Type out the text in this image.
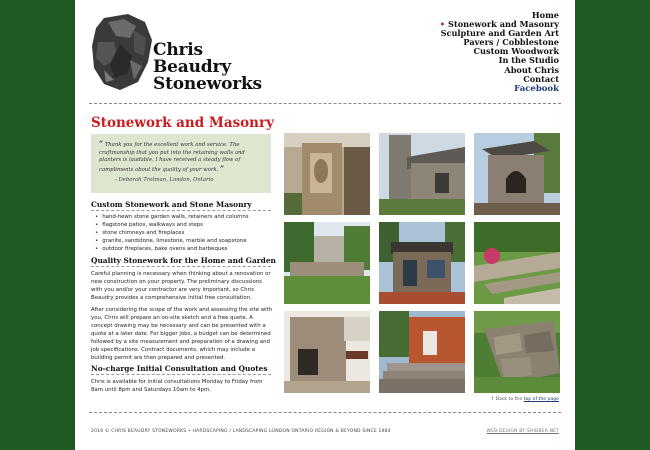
Chris
Beaudry
Stoneworks
Home
• Stonework and Masonry
Sculpture and Garden Art
Pavers / Cobblestone
Custom Woodwork
In the Studio
About Chris
Contact
Facebook
Stonework and Masonry

“ Thank you for the excellent work and service. The craftmanship that you put into the retaining walls and planters is laudable. I have received a steady flow of compliments about the quality of your work. ”

- Deborah Trotman, London, Ontario

Custom Stonework and Stone Masonry
• hand-hewn stone garden walls, retainers and columns
• flagstone patios, walkways and steps
• stone chimneys and fireplaces
• granite, sandstone, limestone, marble and soapstone
• outdoor fireplaces, bake ovens and barbeques
Quality Stonework for the Home and Garden

Careful planning is necessary when thinking about a renovation or new construction on your property. The preliminary discussions with you and/or your contractor are very important, so Chris Beaudry provides a comprehensive initial free consultation.

After considering the scope of the work and assessing the site with you, Chris will prepare an on-site sketch and a free quote. A concept drawing may be necessary and can be presented with a quote at a later date. For bigger jobs, a budget can be determined followed by a site measurement and preparation of a drawing and job specifications. Contract documents, which may include a building permit are then prepared and presented.

No-charge Initial Consultation and Quotes

Chris is available for initial consultations Monday to Friday from 8am until 8pm and Saturdays 10am to 4pm.

↑ Back to the top of the page
2016 © CHRIS BEAUDRY STONEWORKS • HARDSCAPING / LANDSCAPING LONDON ONTARIO REGION & BEYOND SINCE 1984	WEB DESIGN BY SHIBBER.NET
